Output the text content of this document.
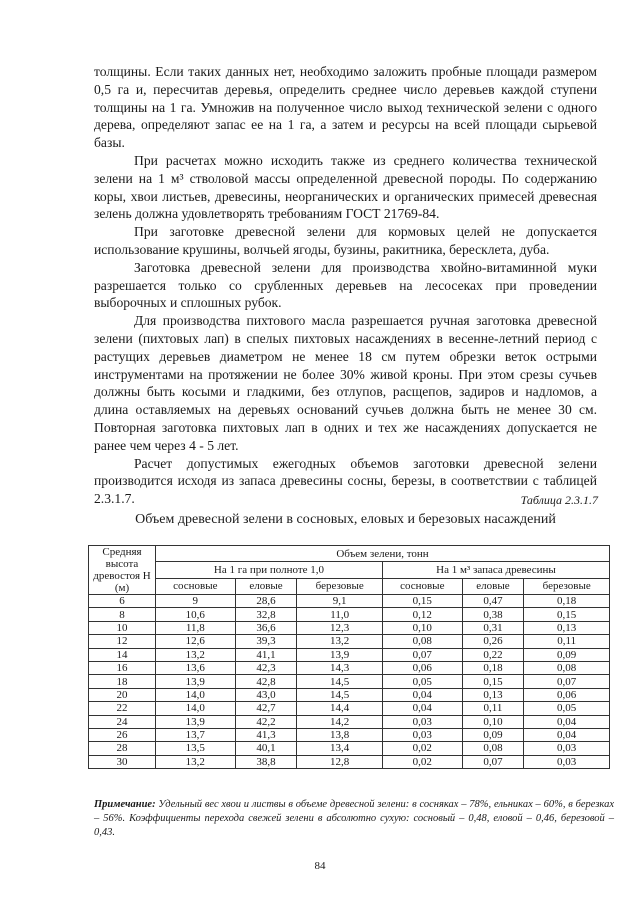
толщины. Если таких данных нет, необходимо заложить пробные площади размером 0,5 га и, пересчитав деревья, определить среднее число деревьев каждой ступени толщины на 1 га. Умножив на полученное число выход технической зелени с одного дерева, определяют запас ее на 1 га, а затем и ресурсы на всей площади сырьевой базы.

При расчетах можно исходить также из среднего количества технической зелени на 1 м³ стволовой массы определенной древесной породы. По содержанию коры, хвои листьев, древесины, неорганических и органических примесей древесная зелень должна удовлетворять требованиям ГОСТ 21769-84.

При заготовке древесной зелени для кормовых целей не допускается использование крушины, волчьей ягоды, бузины, ракитника, бересклета, дуба.

Заготовка древесной зелени для производства хвойно-витаминной муки разрешается только со срубленных деревьев на лесосеках при проведении выборочных и сплошных рубок.

Для производства пихтового масла разрешается ручная заготовка древесной зелени (пихтовых лап) в спелых пихтовых насаждениях в весенне-летний период с растущих деревьев диаметром не менее 18 см путем обрезки веток острыми инструментами на протяжении не более 30% живой кроны. При этом срезы сучьев должны быть косыми и гладкими, без отлупов, расщепов, задиров и надломов, а длина оставляемых на деревьях оснований сучьев должна быть не менее 30 см. Повторная заготовка пихтовых лап в одних и тех же насаждениях допускается не ранее чем через 4 - 5 лет.

Расчет допустимых ежегодных объемов заготовки древесной зелени производится исходя из запаса древесины сосны, березы, в соответствии с таблицей 2.3.1.7.	Таблица 2.3.1.7
Объем древесной зелени в сосновых, еловых и березовых насаждений
Средняя высота древостоя Н (м)	Объем зелени, тонн					
	На 1 га при полноте 1,0			На 1 м³ запаса древесины		
	сосновые	еловые	березовые	сосновые	еловые	березовые
6	9	28,6	9,1	0,15	0,47	0,18
8	10,6	32,8	11,0	0,12	0,38	0,15
10	11,8	36,6	12,3	0,10	0,31	0,13
12	12,6	39,3	13,2	0,08	0,26	0,11
14	13,2	41,1	13,9	0,07	0,22	0,09
16	13,6	42,3	14,3	0,06	0,18	0,08
18	13,9	42,8	14,5	0,05	0,15	0,07
20	14,0	43,0	14,5	0,04	0,13	0,06
22	14,0	42,7	14,4	0,04	0,11	0,05
24	13,9	42,2	14,2	0,03	0,10	0,04
26	13,7	41,3	13,8	0,03	0,09	0,04
28	13,5	40,1	13,4	0,02	0,08	0,03
30	13,2	38,8	12,8	0,02	0,07	0,03
Примечание: Удельный вес хвои и листвы в объеме древесной зелени: в сосняках – 78%, ельниках – 60%, в березках – 56%. Коэффициенты перехода свежей зелени в абсолютно сухую: сосновый – 0,48, еловой – 0,46, березовой – 0,43.
84
